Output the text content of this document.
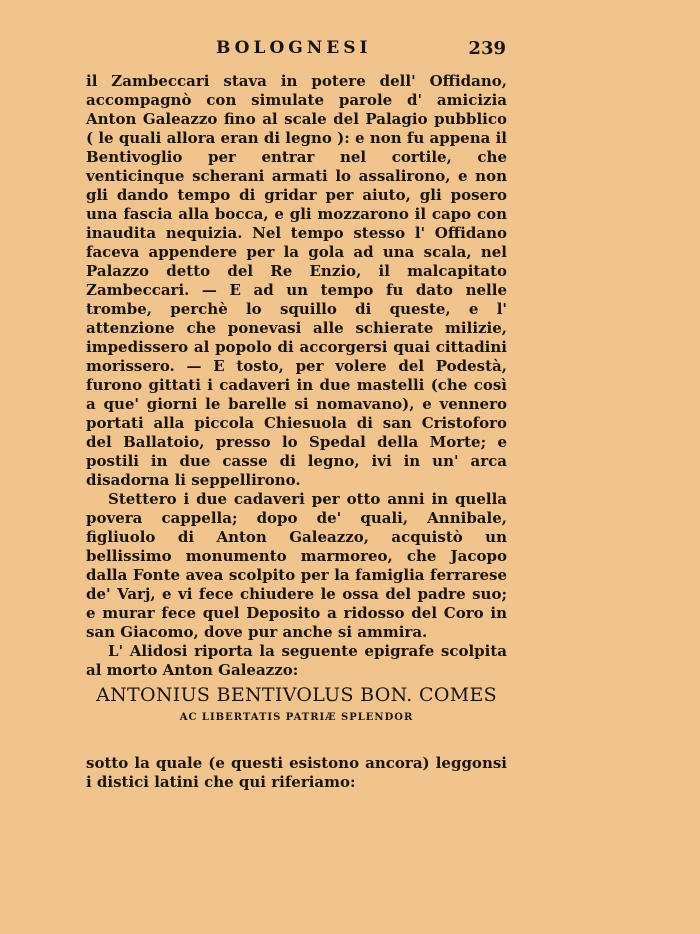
BOLOGNESI	239

il Zambeccari stava in potere dell' Offidano, accompagnò con simulate parole d' amicizia Anton Galeazzo fino al scale del Palagio pubblico ( le quali allora eran di legno ): e non fu appena il Bentivoglio per entrar nel cortile, che venticinque scherani armati lo assalirono, e non gli dando tempo di gridar per aiuto, gli posero una fascia alla bocca, e gli mozzarono il capo con inaudita nequizia. Nel tempo stesso l' Offidano faceva appendere per la gola ad una scala, nel Palazzo detto del Re Enzio, il malcapitato Zambeccari. — E ad un tempo fu dato nelle trombe, perchè lo squillo di queste, e l' attenzione che ponevasi alle schierate milizie, impedissero al popolo di accorgersi quai cittadini morissero. — E tosto, per volere del Podestà, furono gittati i cadaveri in due mastelli (che così a que' giorni le barelle si nomavano), e vennero portati alla piccola Chiesuola di san Cristoforo del Ballatoio, presso lo Spedal della Morte; e postili in due casse di legno, ivi in un' arca disadorna li seppellirono.

Stettero i due cadaveri per otto anni in quella povera cappella; dopo de' quali, Annibale, figliuolo di Anton Galeazzo, acquistò un bellissimo monumento marmoreo, che Jacopo dalla Fonte avea scolpito per la famiglia ferrarese de' Varj, e vi fece chiudere le ossa del padre suo; e murar fece quel Deposito a ridosso del Coro in san Giacomo, dove pur anche si ammira.

L' Alidosi riporta la seguente epigrafe scolpita al morto Anton Galeazzo:

ANTONIUS BENTIVOLUS BON. COMES
AC LIBERTATIS PATRIÆ SPLENDOR

sotto la quale (e questi esistono ancora) leggonsi i distici latini che qui riferiamo:
